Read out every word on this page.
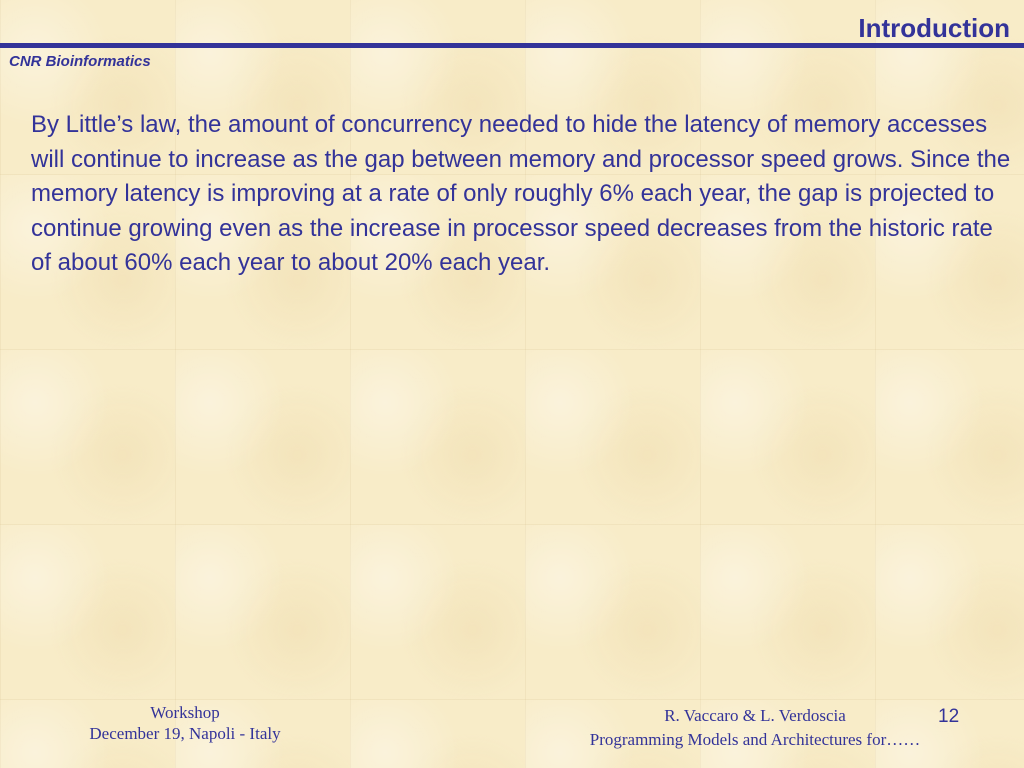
Introduction
CNR Bioinformatics

By Little’s law, the amount of concurrency needed to hide the latency of memory accesses will continue to increase as the gap between memory and processor speed grows. Since the memory latency is improving at a rate of only roughly 6% each year, the gap is projected to continue growing even as the increase in processor speed decreases from the historic rate of about 60% each year to about 20% each year.

Workshop
December 19, Napoli - Italy
R. Vaccaro & L. Verdoscia
Programming Models and Architectures for……
12
